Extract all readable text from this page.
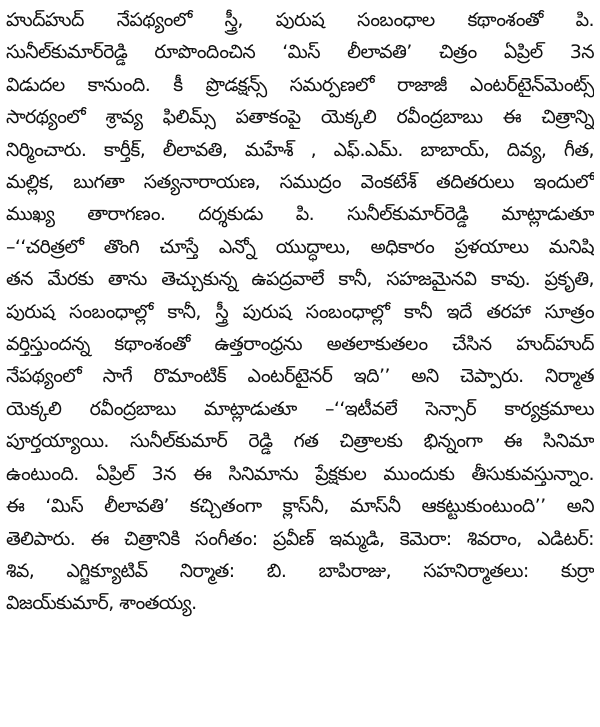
హుద్‌హుద్ నేపథ్యంలో స్త్రీ, పురుష సంబంధాల కథాంశంతో పి.
సునీల్‌కుమార్‌రెడ్డి రూపొందించిన ‘మిస్ లీలావతి’ చిత్రం ఏప్రిల్ 3న
విడుదల కానుంది. కీ ప్రొడక్షన్స్ సమర్పణలో రాజాజీ ఎంటర్‌టైన్‌మెంట్స్
సారథ్యంలో శ్రావ్య ఫిలిమ్స్ పతాకంపై యెక్కలి రవీంద్రబాబు ఈ చిత్రాన్ని
నిర్మించారు. కార్తీక్, లీలావతి, మహేశ్ , ఎఫ్.ఎమ్. బాబాయ్, దివ్య, గీత,
మల్లిక, బుగతా సత్యనారాయణ, సముద్రం వెంకటేశ్ తదితరులు ఇందులో
ముఖ్య తారాగణం. దర్శకుడు పి. సునీల్‌కుమార్‌రెడ్డి మాట్లాడుతూ
–‘‘చరిత్రలో తొంగి చూస్తే ఎన్నో యుద్ధాలు, అధికారం ప్రళయాలు మనిషి
తన మేరకు తాను తెచ్చుకున్న ఉపద్రవాలే కానీ, సహజమైనవి కావు. ప్రకృతి,
పురుష సంబంధాల్లో కానీ, స్త్రీ పురుష సంబంధాల్లో కానీ ఇదే తరహా సూత్రం
వర్తిస్తుందన్న కథాంశంతో ఉత్తరాంధ్రను అతలాకుతలం చేసిన హుద్‌హుద్
నేపథ్యంలో సాగే రొమాంటిక్ ఎంటర్‌టైనర్ ఇది’’ అని చెప్పారు. నిర్మాత
యెక్కలి రవీంద్రబాబు మాట్లాడుతూ –‘‘ఇటీవలే సెన్సార్ కార్యక్రమాలు
పూర్తయ్యాయి. సునీల్‌కుమార్ రెడ్డి గత చిత్రాలకు భిన్నంగా ఈ సినిమా
ఉంటుంది. ఏప్రిల్ 3న ఈ సినిమాను ప్రేక్షకుల ముందుకు తీసుకువస్తున్నాం.
ఈ ‘మిస్ లీలావతి’ కచ్చితంగా క్లాస్‌నీ, మాస్‌నీ ఆకట్టుకుంటుంది’’ అని
తెలిపారు. ఈ చిత్రానికి సంగీతం: ప్రవీణ్ ఇమ్మడి, కెమెరా: శివరాం, ఎడిటర్:
శివ, ఎగ్జిక్యూటివ్ నిర్మాత: బి. బాపిరాజు, సహనిర్మాతలు: కుర్రా
విజయ్‌కుమార్, శాంతయ్య.
